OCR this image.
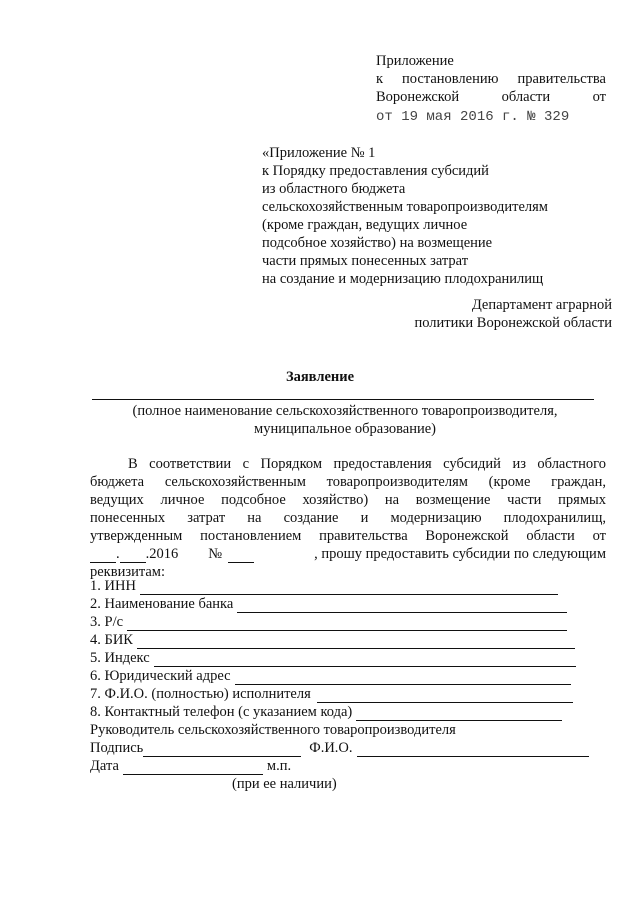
Приложение
к постановлению правительства
Воронежской	области	от
от 19 мая 2016 г. № 329
«Приложение № 1
к Порядку предоставления субсидий
из областного бюджета
сельскохозяйственным товаропроизводителям
(кроме граждан, ведущих личное
подсобное хозяйство) на возмещение
части прямых понесенных затрат
на создание и модернизацию плодохранилищ
Департамент аграрной
политики Воронежской области
Заявление
(полное наименование сельскохозяйственного товаропроизводителя,
муниципальное образование)
В соответствии с Порядком предоставления субсидий из областного
бюджета сельскохозяйственным товаропроизводителям (кроме граждан,
ведущих личное подсобное хозяйство) на возмещение части прямых
понесенных затрат на создание и модернизацию плодохранилищ,
утвержденным постановлением правительства Воронежской области от
. .2016 №	, прошу предоставить субсидии по следующим
реквизитам:
1. ИНН
2. Наименование банка
3. Р/с
4. БИК
5. Индекс
6. Юридический адрес
7. Ф.И.О. (полностью) исполнителя
8. Контактный телефон (с указанием кода)
Руководитель сельскохозяйственного товаропроизводителя
Подпись	Ф.И.О.
Дата	м.п.
(при ее наличии)
